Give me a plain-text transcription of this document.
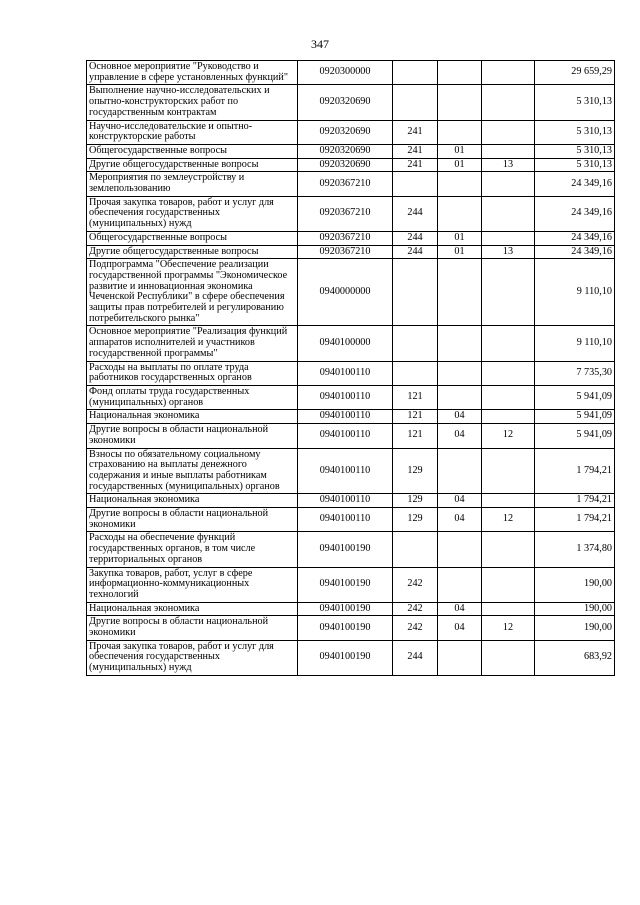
347
Основное мероприятие "Руководство и управление в сфере установленных функций"	0920300000				29 659,29
Выполнение научно-исследовательских и опытно-конструкторских работ по государственным контрактам	0920320690				5 310,13
Научно-исследовательские и опытно-конструкторские работы	0920320690	241			5 310,13
Общегосударственные вопросы	0920320690	241	01		5 310,13
Другие общегосударственные вопросы	0920320690	241	01	13	5 310,13
Мероприятия по землеустройству и землепользованию	0920367210				24 349,16
Прочая закупка товаров, работ и услуг для обеспечения государственных (муниципальных) нужд	0920367210	244			24 349,16
Общегосударственные вопросы	0920367210	244	01		24 349,16
Другие общегосударственные вопросы	0920367210	244	01	13	24 349,16
Подпрограмма "Обеспечение реализации государственной программы "Экономическое развитие и инновационная экономика Чеченской Республики" в сфере обеспечения защиты прав потребителей и регулированию потребительского рынка"	0940000000				9 110,10
Основное мероприятие "Реализация функций аппаратов исполнителей и участников государственной программы"	0940100000				9 110,10
Расходы на выплаты по оплате труда работников государственных органов	0940100110				7 735,30
Фонд оплаты труда государственных (муниципальных) органов	0940100110	121			5 941,09
Национальная экономика	0940100110	121	04		5 941,09
Другие вопросы в области национальной экономики	0940100110	121	04	12	5 941,09
Взносы по обязательному социальному страхованию на выплаты денежного содержания и иные выплаты работникам государственных (муниципальных) органов	0940100110	129			1 794,21
Национальная экономика	0940100110	129	04		1 794,21
Другие вопросы в области национальной экономики	0940100110	129	04	12	1 794,21
Расходы на обеспечение функций государственных органов, в том числе территориальных органов	0940100190				1 374,80
Закупка товаров, работ, услуг в сфере информационно-коммуникационных технологий	0940100190	242			190,00
Национальная экономика	0940100190	242	04		190,00
Другие вопросы в области национальной экономики	0940100190	242	04	12	190,00
Прочая закупка товаров, работ и услуг для обеспечения государственных (муниципальных) нужд	0940100190	244			683,92
